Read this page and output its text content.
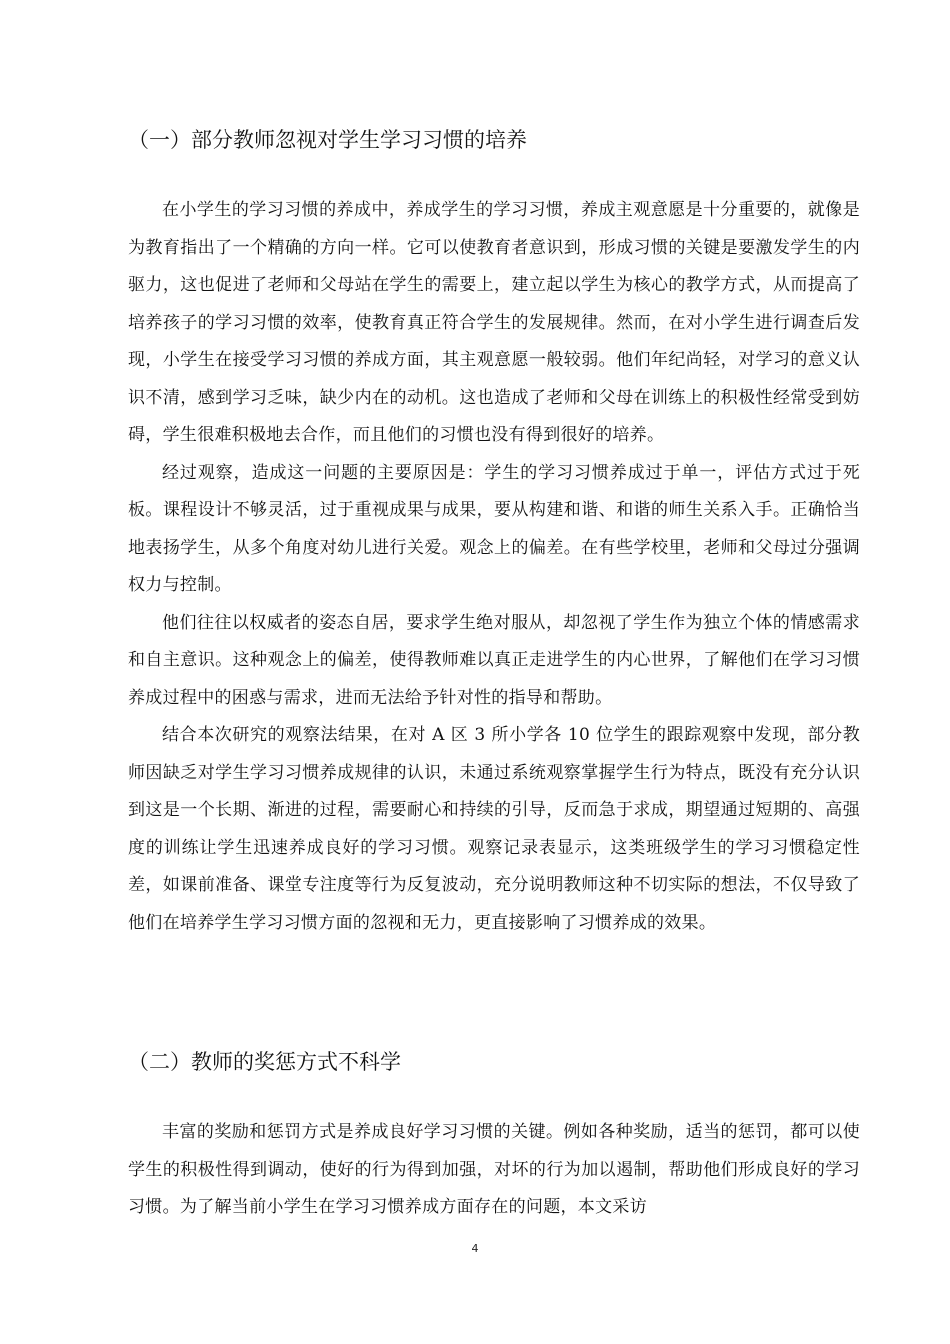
（一）部分教师忽视对学生学习习惯的培养

在小学生的学习习惯的养成中，养成学生的学习习惯，养成主观意愿是十分重要的，就像是为教育指出了一个精确的方向一样。它可以使教育者意识到，形成习惯的关键是要激发学生的内驱力，这也促进了老师和父母站在学生的需要上，建立起以学生为核心的教学方式，从而提高了培养孩子的学习习惯的效率，使教育真正符合学生的发展规律。然而，在对小学生进行调查后发现，小学生在接受学习习惯的养成方面，其主观意愿一般较弱。他们年纪尚轻，对学习的意义认识不清，感到学习乏味，缺少内在的动机。这也造成了老师和父母在训练上的积极性经常受到妨碍，学生很难积极地去合作，而且他们的习惯也没有得到很好的培养。

经过观察，造成这一问题的主要原因是：学生的学习习惯养成过于单一，评估方式过于死板。课程设计不够灵活，过于重视成果与成果，要从构建和谐、和谐的师生关系入手。正确恰当地表扬学生，从多个角度对幼儿进行关爱。观念上的偏差。在有些学校里，老师和父母过分强调权力与控制。

他们往往以权威者的姿态自居，要求学生绝对服从，却忽视了学生作为独立个体的情感需求和自主意识。这种观念上的偏差，使得教师难以真正走进学生的内心世界，了解他们在学习习惯养成过程中的困惑与需求，进而无法给予针对性的指导和帮助。

结合本次研究的观察法结果，在对 A 区 3 所小学各 10 位学生的跟踪观察中发现，部分教师因缺乏对学生学习习惯养成规律的认识，未通过系统观察掌握学生行为特点，既没有充分认识到这是一个长期、渐进的过程，需要耐心和持续的引导，反而急于求成，期望通过短期的、高强度的训练让学生迅速养成良好的学习习惯。观察记录表显示，这类班级学生的学习习惯稳定性差，如课前准备、课堂专注度等行为反复波动，充分说明教师这种不切实际的想法，不仅导致了他们在培养学生学习习惯方面的忽视和无力，更直接影响了习惯养成的效果。

（二）教师的奖惩方式不科学

丰富的奖励和惩罚方式是养成良好学习习惯的关键。例如各种奖励，适当的惩罚，都可以使学生的积极性得到调动，使好的行为得到加强，对坏的行为加以遏制，帮助他们形成良好的学习习惯。为了解当前小学生在学习习惯养成方面存在的问题，本文采访

4
